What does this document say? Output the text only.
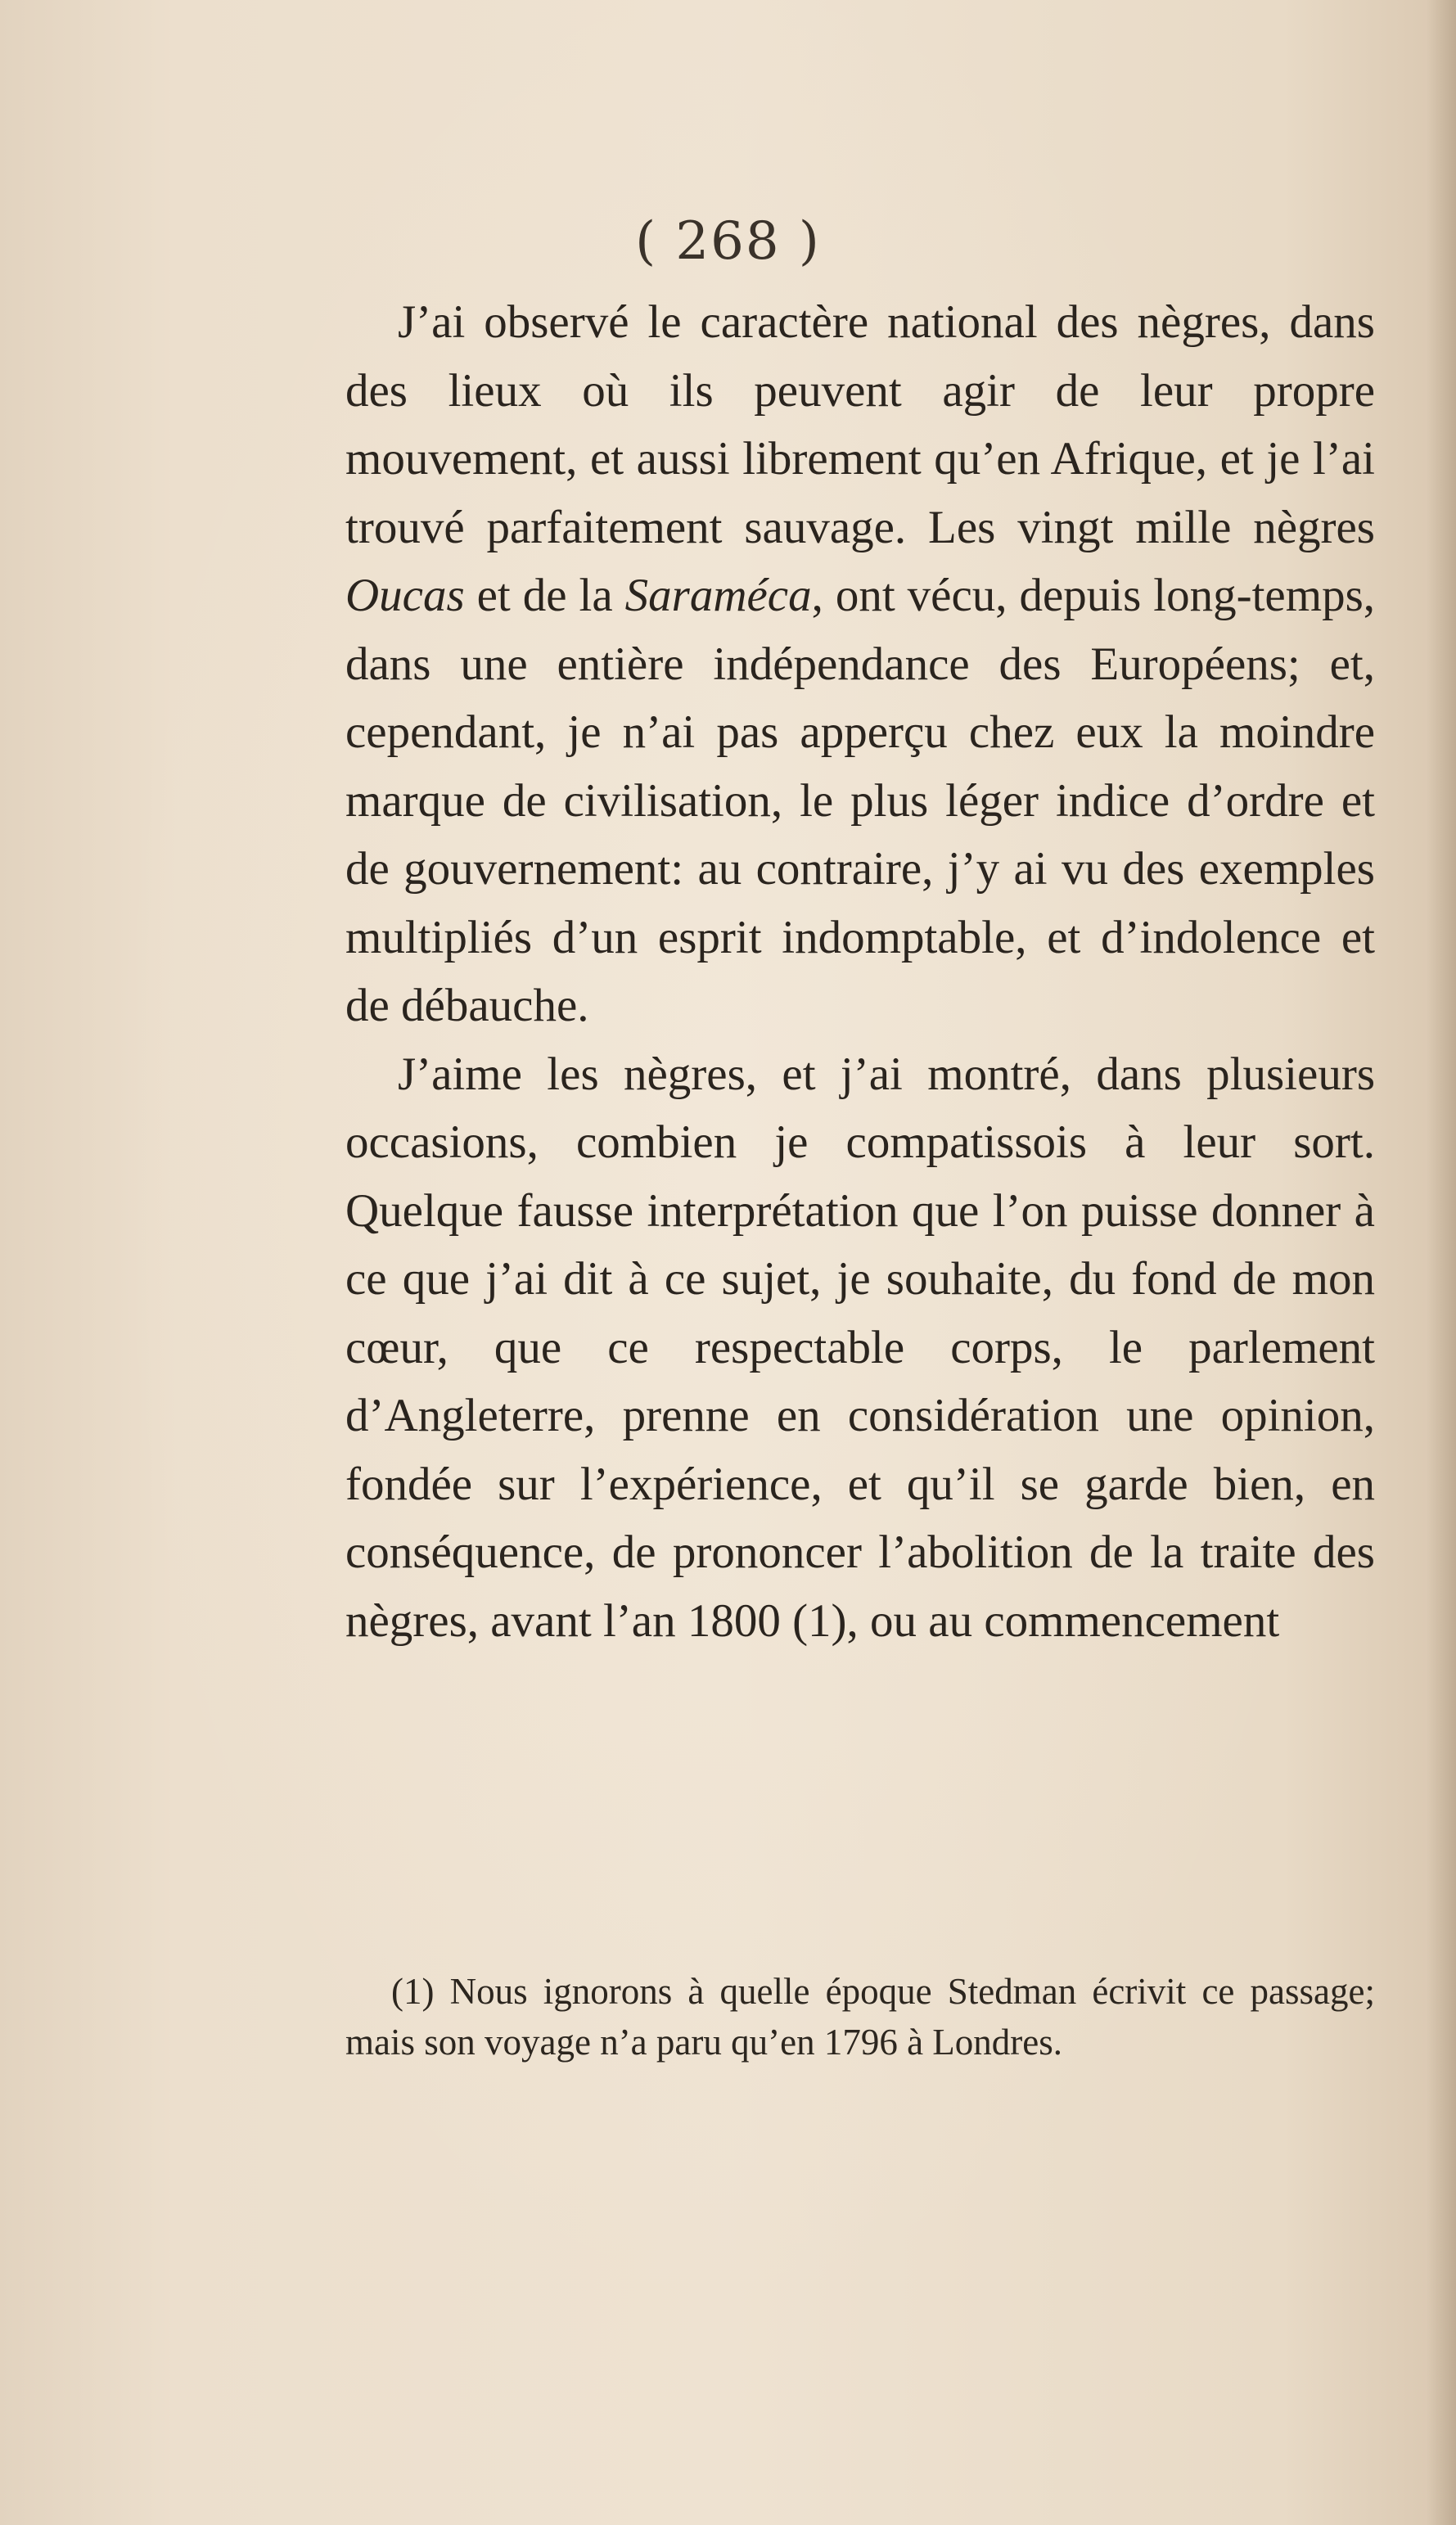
( 268 )

J’ai observé le caractère national des nègres, dans des lieux où ils peuvent agir de leur propre mouvement, et aussi librement qu’en Afrique, et je l’ai trouvé parfaitement sauvage. Les vingt mille nègres Oucas et de la Saraméca, ont vécu, depuis long-temps, dans une entière indépendance des Européens; et, cependant, je n’ai pas apperçu chez eux la moindre marque de civilisation, le plus léger indice d’ordre et de gouvernement: au contraire, j’y ai vu des exemples multipliés d’un esprit indomptable, et d’indolence et de débauche.

J’aime les nègres, et j’ai montré, dans plusieurs occasions, combien je compatissois à leur sort. Quelque fausse interprétation que l’on puisse donner à ce que j’ai dit à ce sujet, je souhaite, du fond de mon cœur, que ce respectable corps, le parlement d’Angleterre, prenne en considération une opinion, fondée sur l’expérience, et qu’il se garde bien, en conséquence, de prononcer l’abolition de la traite des nègres, avant l’an 1800 (1), ou au commencement

(1) Nous ignorons à quelle époque Stedman écrivit ce passage; mais son voyage n’a paru qu’en 1796 à Londres.
